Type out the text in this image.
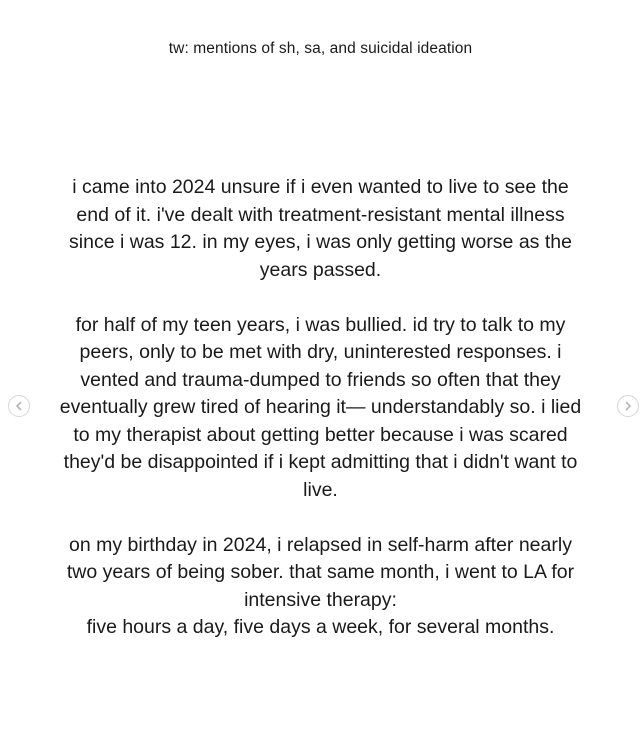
tw: mentions of sh, sa, and suicidal ideation
i came into 2024 unsure if i even wanted to live to see the
end of it. i've dealt with treatment-resistant mental illness
since i was 12. in my eyes, i was only getting worse as the
years passed.
for half of my teen years, i was bullied. id try to talk to my
peers, only to be met with dry, uninterested responses. i
vented and trauma-dumped to friends so often that they
eventually grew tired of hearing it— understandably so. i lied
to my therapist about getting better because i was scared
they'd be disappointed if i kept admitting that i didn't want to
live.
on my birthday in 2024, i relapsed in self-harm after nearly
two years of being sober. that same month, i went to LA for
intensive therapy:
five hours a day, five days a week, for several months.
